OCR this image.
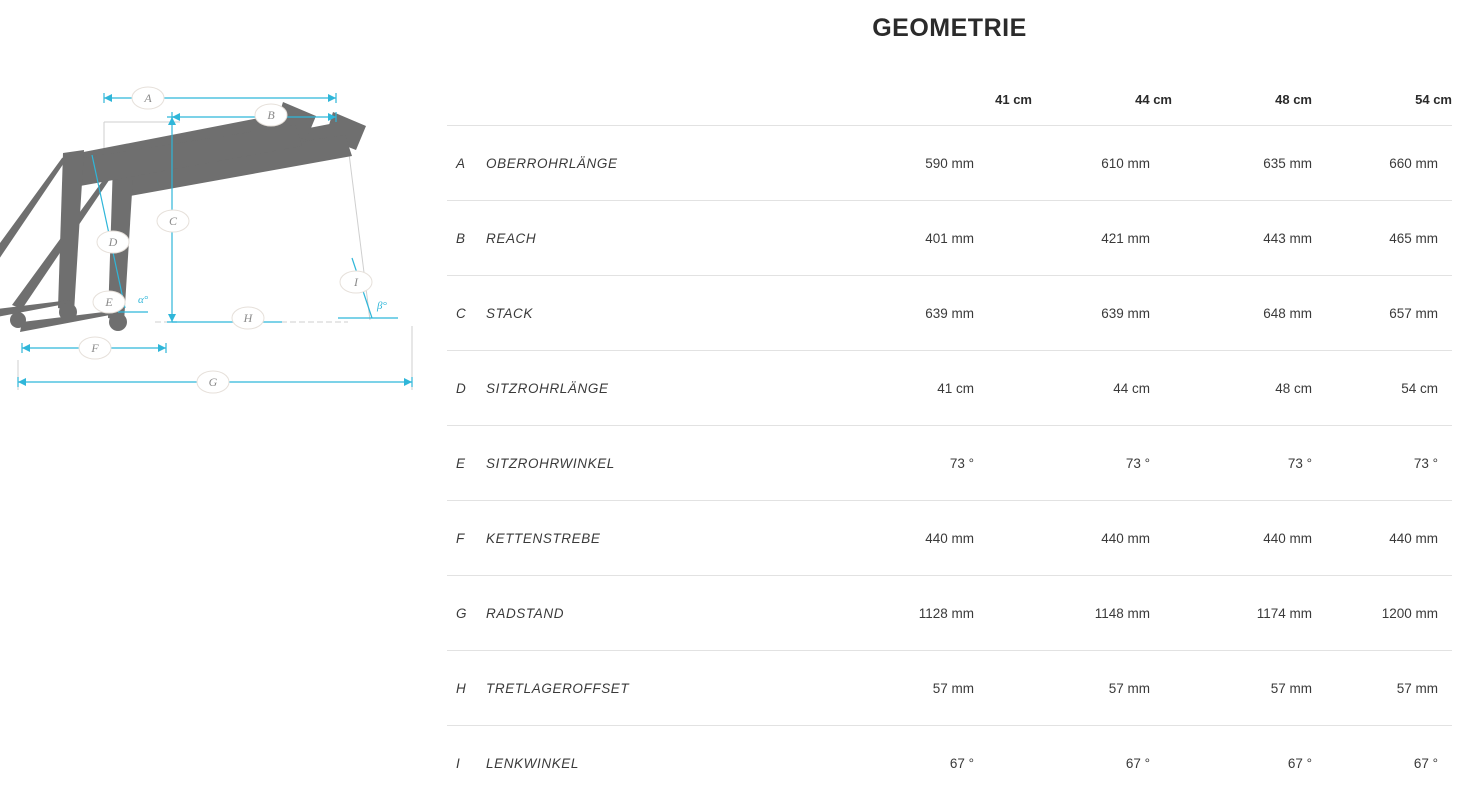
GEOMETRIE
A
B
C
D
E
F
G
H
I
α°	β°
		41 cm	44 cm	48 cm	54 cm
A	OBERROHRLÄNGE	590 mm	610 mm	635 mm	660 mm
B	REACH	401 mm	421 mm	443 mm	465 mm
C	STACK	639 mm	639 mm	648 mm	657 mm
D	SITZROHRLÄNGE	41 cm	44 cm	48 cm	54 cm
E	SITZROHRWINKEL	73 °	73 °	73 °	73 °
F	KETTENSTREBE	440 mm	440 mm	440 mm	440 mm
G	RADSTAND	1128 mm	1148 mm	1174 mm	1200 mm
H	TRETLAGEROFFSET	57 mm	57 mm	57 mm	57 mm
I	LENKWINKEL	67 °	67 °	67 °	67 °
